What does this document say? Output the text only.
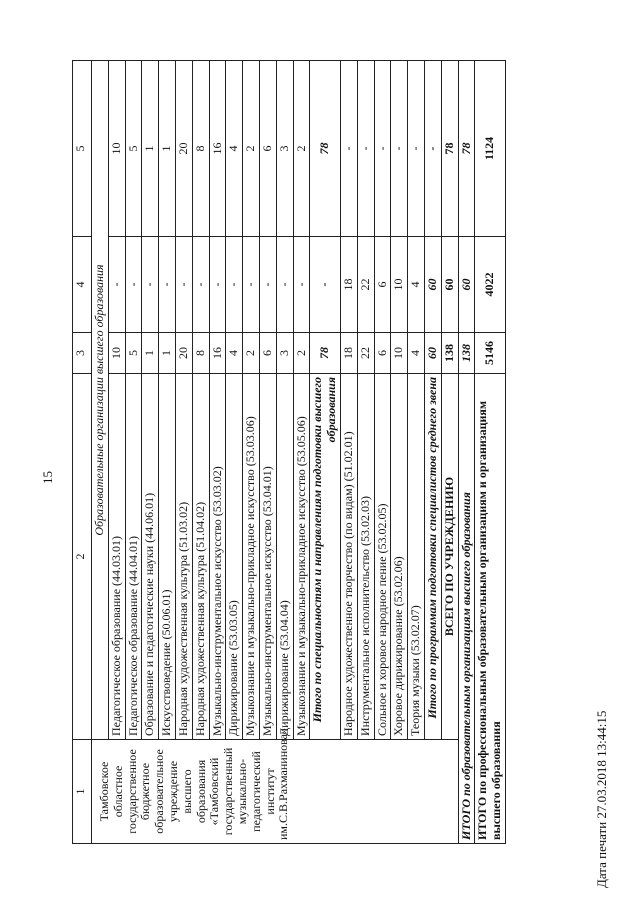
15
1	2	3	4	5
Тамбовское областное государственное бюджетное образовательное учреждение высшего образования «Тамбовский государственный музыкально-педагогический институт им.С.В.Рахманинова»	Образовательные организации высшего образования			
	Педагогическое образование (44.03.01)	10	-	10
	Педагогическое образование (44.04.01)	5	-	5
	Образование и педагогические науки (44.06.01)	1	-	1
	Искусствоведение (50.06.01)	1	-	1
	Народная художественная культура (51.03.02)	20	-	20
	Народная художественная культура (51.04.02)	8	-	8
	Музыкально-инструментальное искусство (53.03.02)	16	-	16
	Дирижирование (53.03.05)	4	-	4
	Музыкознание и музыкально-прикладное искусство (53.03.06)	2	-	2
	Музыкально-инструментальное искусство (53.04.01)	6	-	6
	Дирижирование (53.04.04)	3	-	3
	Музыкознание и музыкально-прикладное искусство (53.05.06)	2	-	2
	Итого по специальностям и направлениям подготовки высшего образования	78	-	78
	Народное художественное творчество (по видам) (51.02.01)	18	18	-
	Инструментальное исполнительство (53.02.03)	22	22	-
	Сольное и хоровое народное пение (53.02.05)	6	6	-
	Хоровое дирижирование (53.02.06)	10	10	-
	Теория музыки (53.02.07)	4	4	-
	Итого по программам подготовки специалистов среднего звена	60	60	-
	ВСЕГО ПО УЧРЕЖДЕНИЮ	138	60	78
ИТОГО по образовательным организациям высшего образования		138	60	78
ИТОГО по профессиональным образовательным организациям и организациям высшего образования		5146	4022	1124
Дата печати 27.03.2018 13:44:15
